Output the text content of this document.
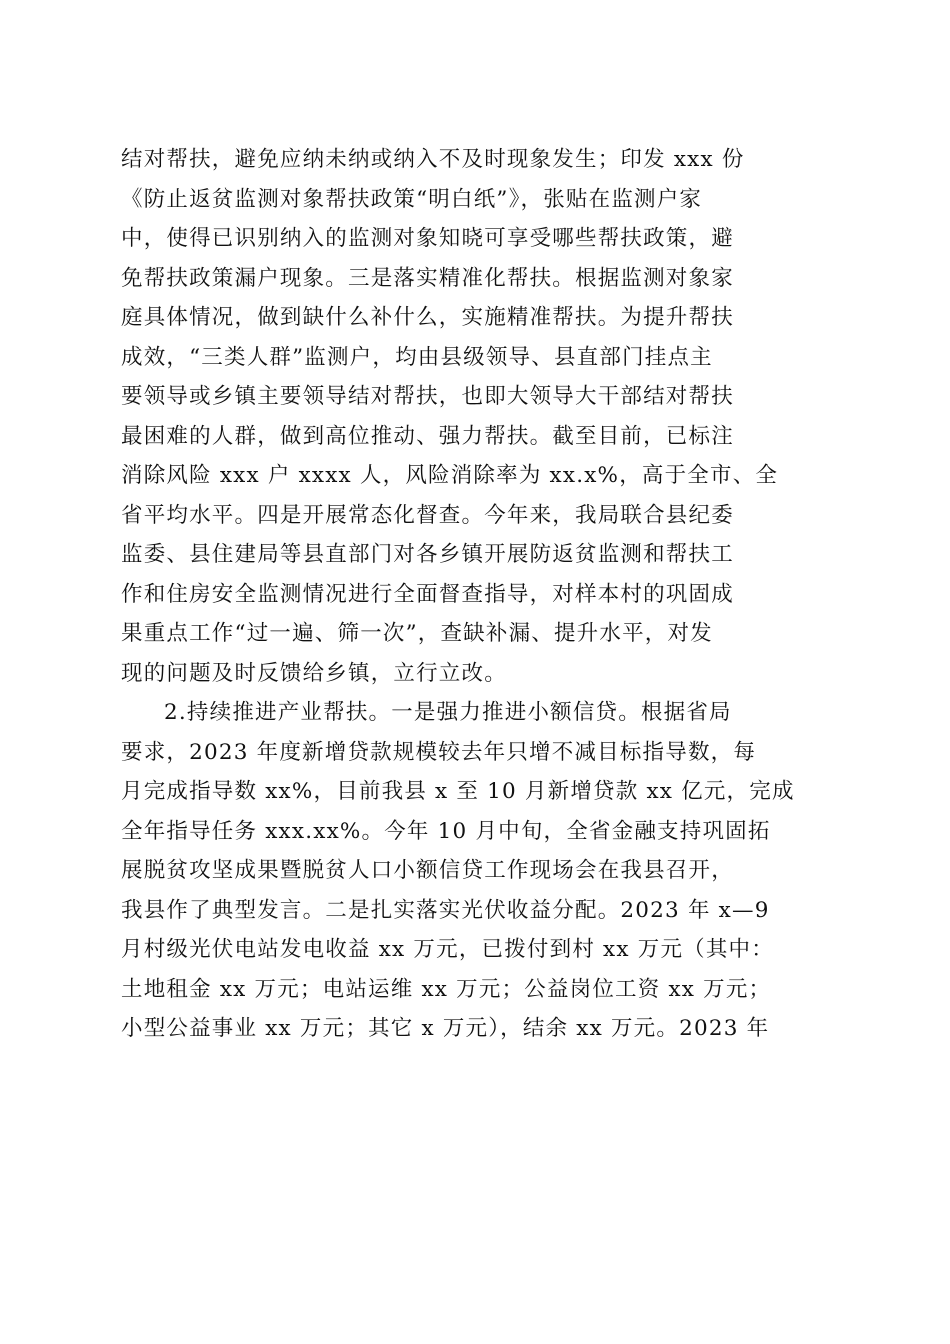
结对帮扶，避免应纳未纳或纳入不及时现象发生；印发 xxx 份
《防止返贫监测对象帮扶政策“明白纸”》，张贴在监测户家
中，使得已识别纳入的监测对象知晓可享受哪些帮扶政策，避
免帮扶政策漏户现象。三是落实精准化帮扶。根据监测对象家
庭具体情况，做到缺什么补什么，实施精准帮扶。为提升帮扶
成效，“三类人群”监测户，均由县级领导、县直部门挂点主
要领导或乡镇主要领导结对帮扶，也即大领导大干部结对帮扶
最困难的人群，做到高位推动、强力帮扶。截至目前，已标注
消除风险 xxx 户 xxxx 人，风险消除率为 xx.x%，高于全市、全
省平均水平。四是开展常态化督查。今年来，我局联合县纪委
监委、县住建局等县直部门对各乡镇开展防返贫监测和帮扶工
作和住房安全监测情况进行全面督查指导，对样本村的巩固成
果重点工作“过一遍、筛一次”，查缺补漏、提升水平，对发
现的问题及时反馈给乡镇，立行立改。
2.持续推进产业帮扶。一是强力推进小额信贷。根据省局
要求，2023 年度新增贷款规模较去年只增不减目标指导数，每
月完成指导数 xx%，目前我县 x 至 10 月新增贷款 xx 亿元，完成
全年指导任务 xxx.xx%。今年 10 月中旬，全省金融支持巩固拓
展脱贫攻坚成果暨脱贫人口小额信贷工作现场会在我县召开，
我县作了典型发言。二是扎实落实光伏收益分配。2023 年 x—9
月村级光伏电站发电收益 xx 万元，已拨付到村 xx 万元（其中：
土地租金 xx 万元；电站运维 xx 万元；公益岗位工资 xx 万元；
小型公益事业 xx 万元；其它 x 万元），结余 xx 万元。2023 年
